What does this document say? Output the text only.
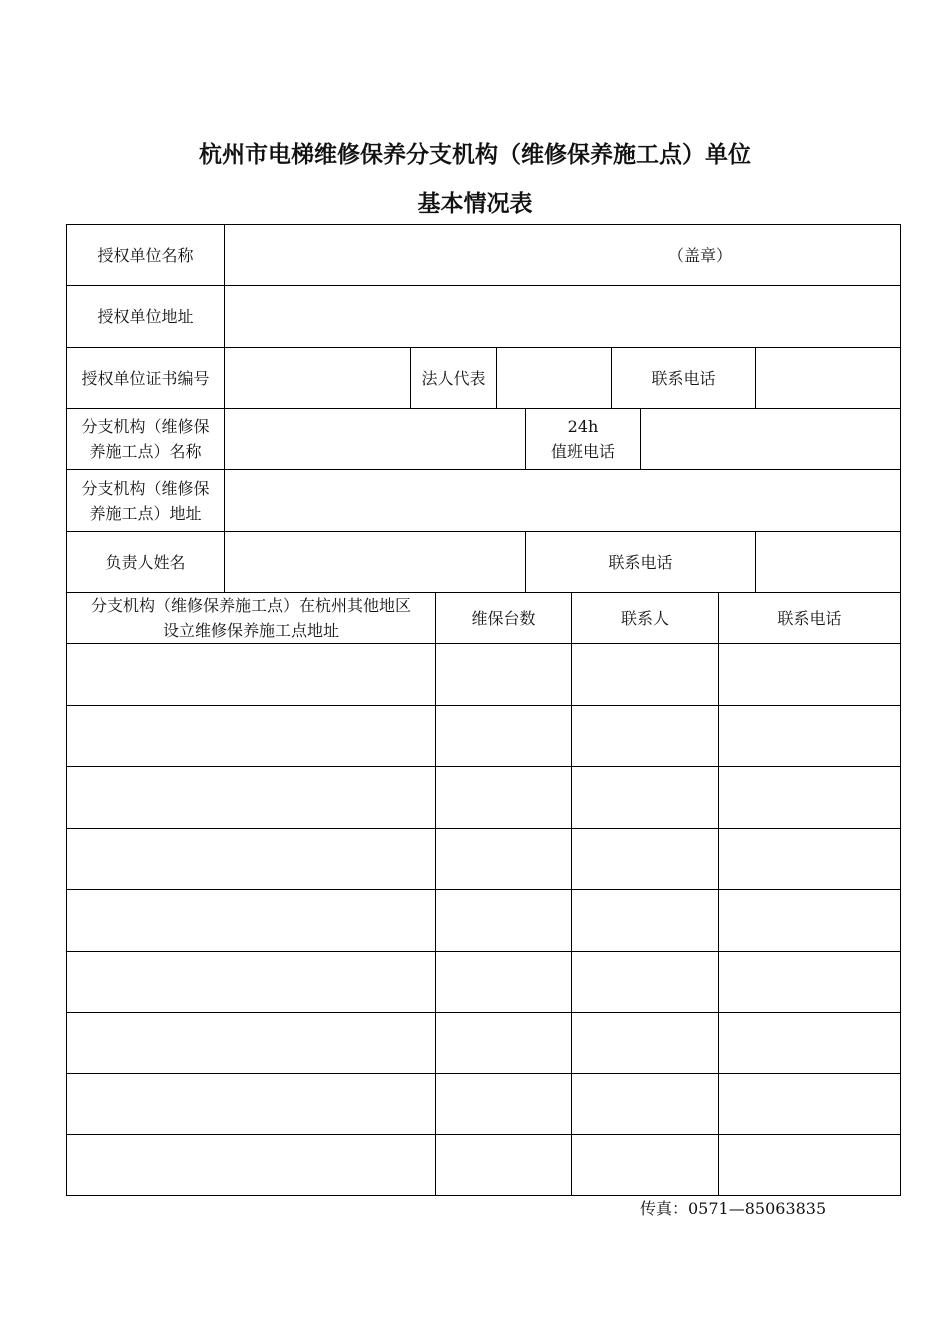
杭州市电梯维修保养分支机构（维修保养施工点）单位
基本情况表
授权单位名称	（盖章）						
授权单位地址							
授权单位证书编号		法人代表			联系电话		
分支机构（维修保
养施工点）名称				24h
值班电话			
分支机构（维修保
养施工点）地址							
负责人姓名				联系电话			
分支机构（维修保养施工点）在杭州其他地区
设立维修保养施工点地址	维保台数	联系人	联系电话

传真：0571—85063835
